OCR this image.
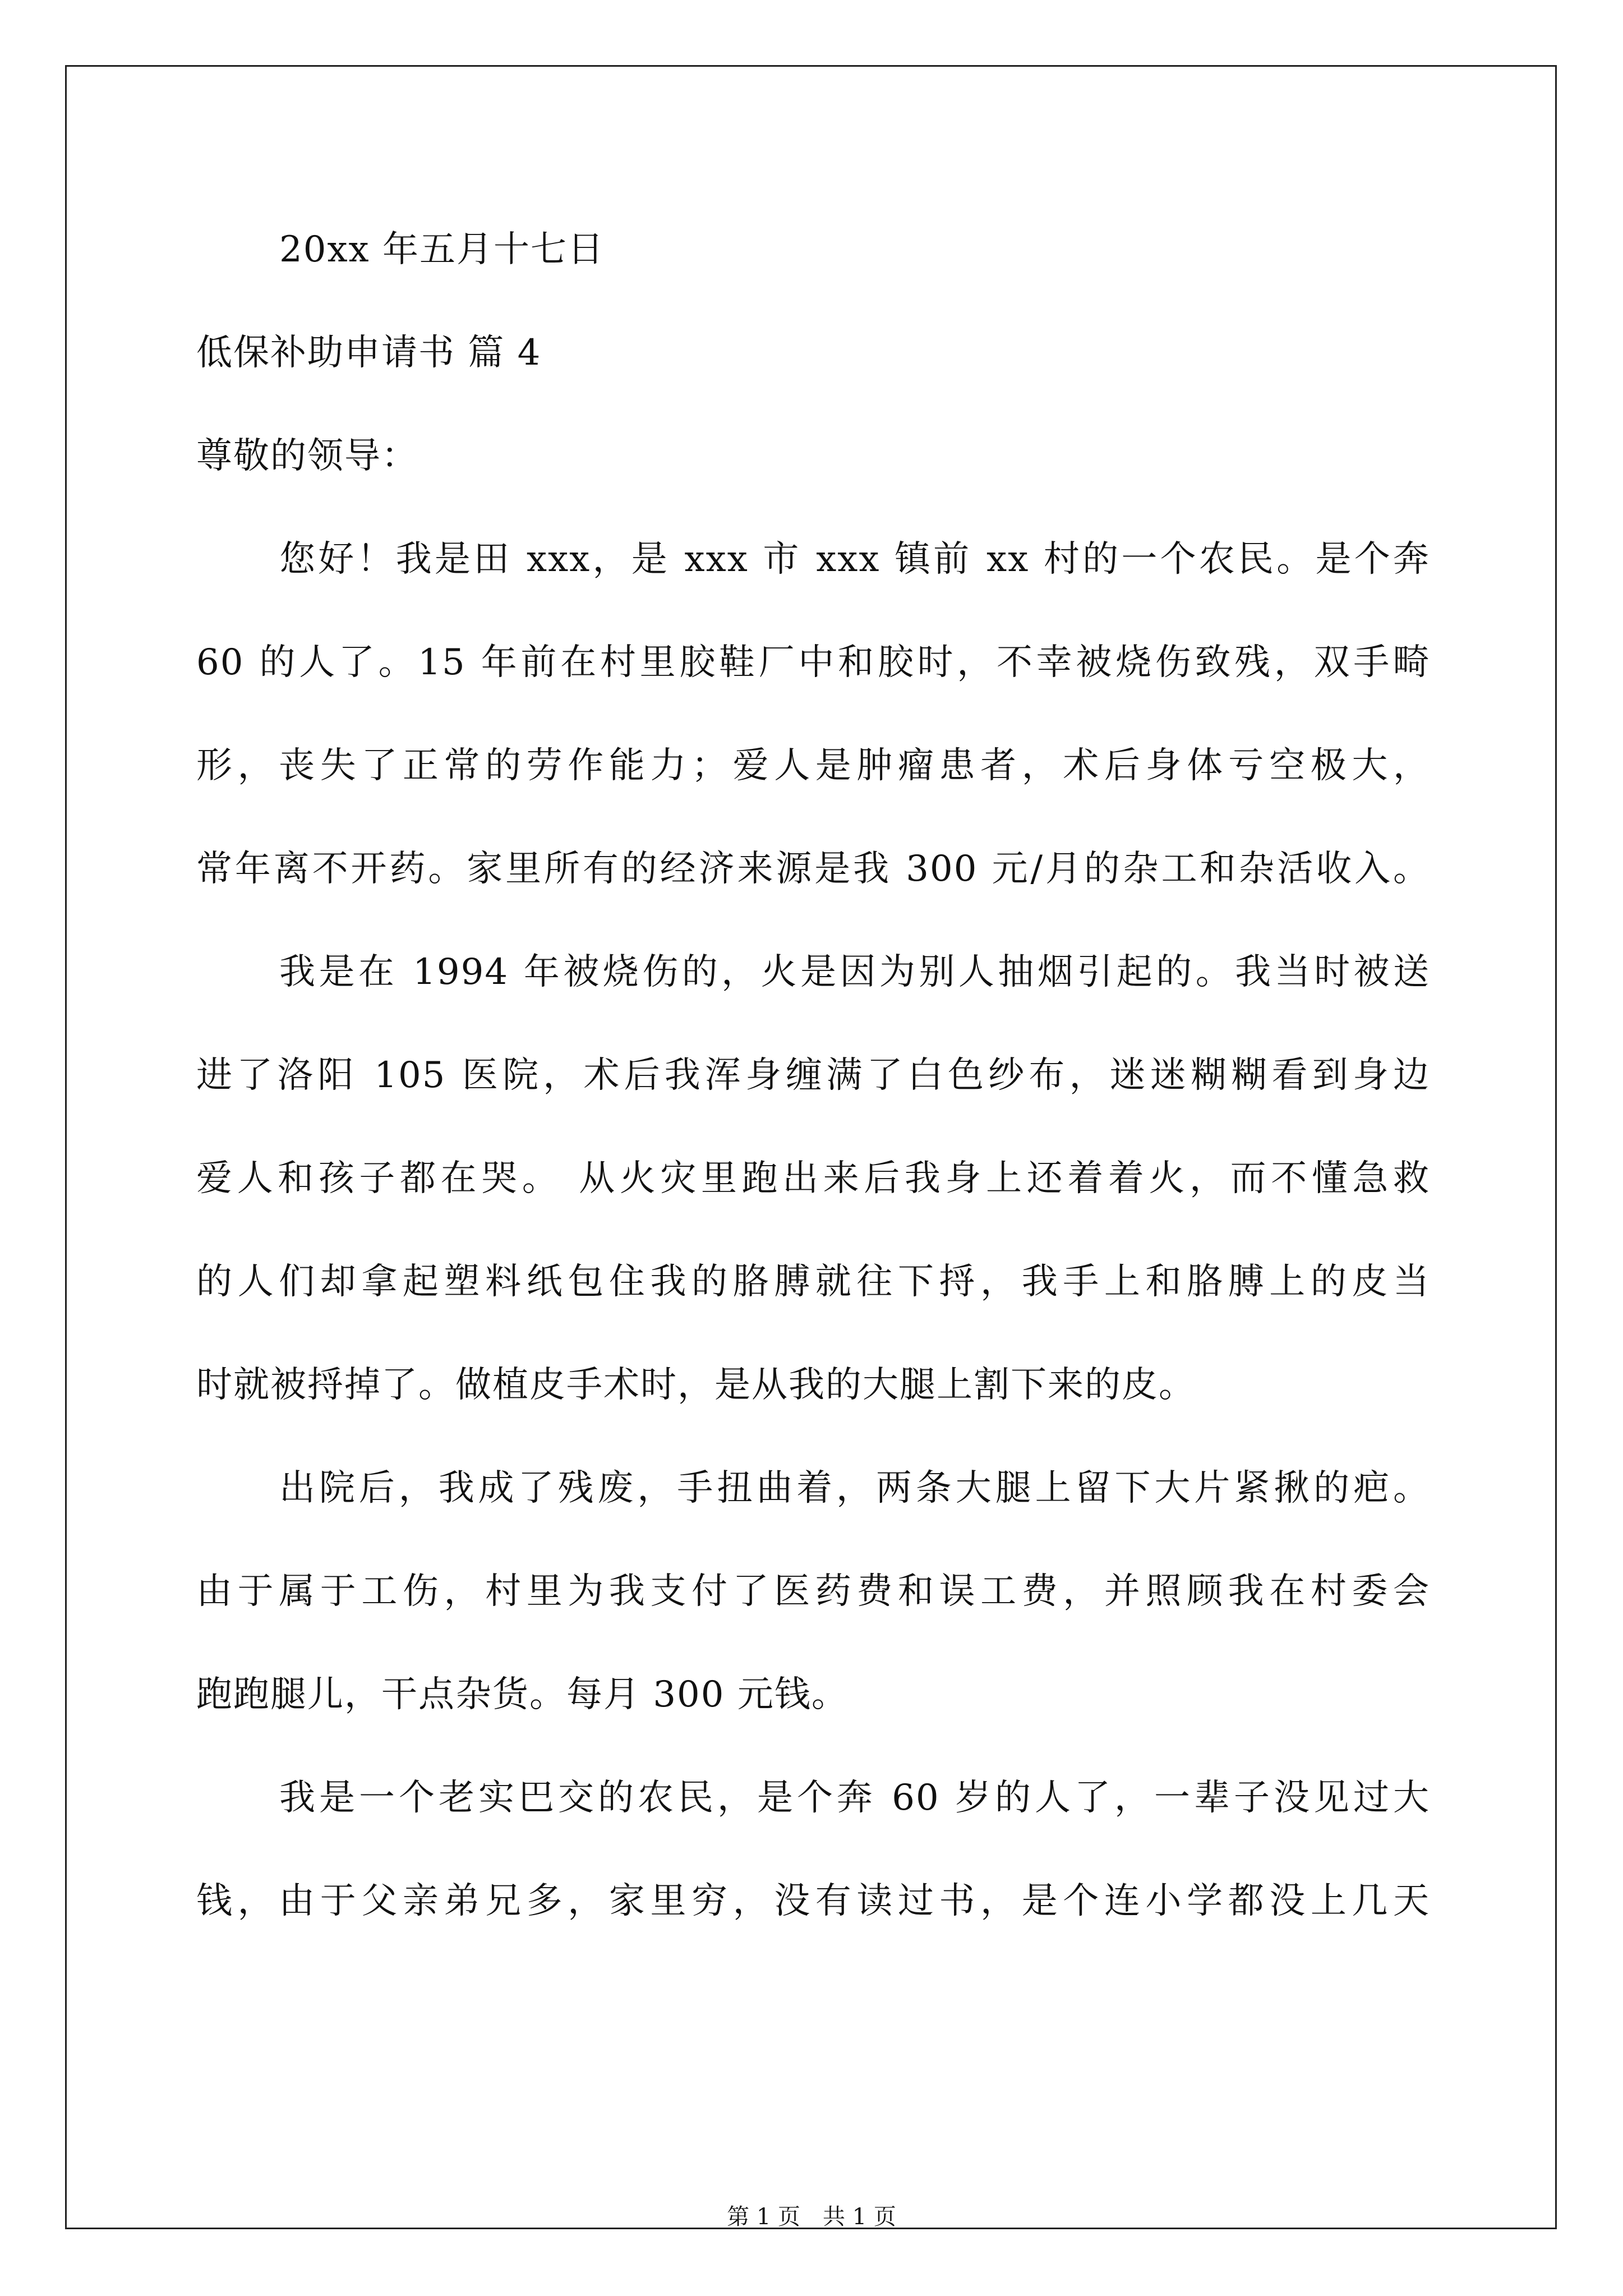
20xx 年五月十七日
低保补助申请书 篇 4
尊敬的领导：
您好！我是田 xxx，是 xxx 市 xxx 镇前 xx 村的一个农民。是个奔
60 的人了。15 年前在村里胶鞋厂中和胶时，不幸被烧伤致残，双手畸
形，丧失了正常的劳作能力；爱人是肿瘤患者，术后身体亏空极大，
常年离不开药。家里所有的经济来源是我 300 元/月的杂工和杂活收入。
我是在 1994 年被烧伤的，火是因为别人抽烟引起的。我当时被送
进了洛阳 105 医院，术后我浑身缠满了白色纱布，迷迷糊糊看到身边
爱人和孩子都在哭。 从火灾里跑出来后我身上还着着火，而不懂急救
的人们却拿起塑料纸包住我的胳膊就往下捋，我手上和胳膊上的皮当
时就被捋掉了。做植皮手术时，是从我的大腿上割下来的皮。
出院后，我成了残废，手扭曲着，两条大腿上留下大片紧揪的疤。
由于属于工伤，村里为我支付了医药费和误工费，并照顾我在村委会
跑跑腿儿，干点杂货。每月 300 元钱。
我是一个老实巴交的农民，是个奔 60 岁的人了，一辈子没见过大
钱，由于父亲弟兄多，家里穷，没有读过书，是个连小学都没上几天
第 1 页　共 1 页
